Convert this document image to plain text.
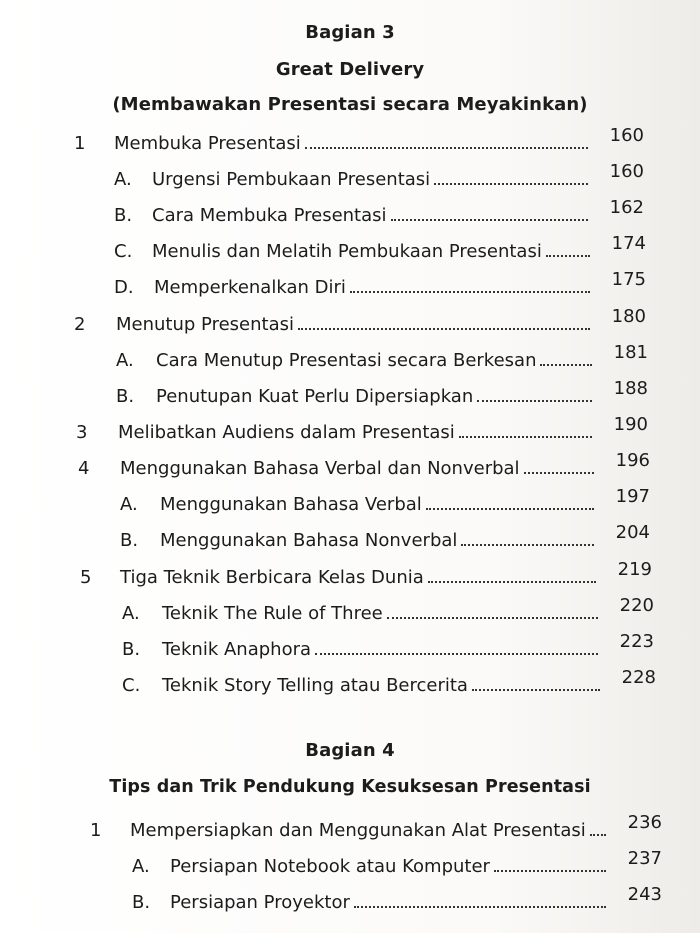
Bagian 3
Great Delivery
(Membawakan Presentasi secara Meyakinkan)
1 Membuka Presentasi	160
A. Urgensi Pembukaan Presentasi	160
B. Cara Membuka Presentasi	162
C. Menulis dan Melatih Pembukaan Presentasi	174
D. Memperkenalkan Diri	175
2 Menutup Presentasi	180
A. Cara Menutup Presentasi secara Berkesan	181
B. Penutupan Kuat Perlu Dipersiapkan	188
3 Melibatkan Audiens dalam Presentasi	190
4 Menggunakan Bahasa Verbal dan Nonverbal	196
A. Menggunakan Bahasa Verbal	197
B. Menggunakan Bahasa Nonverbal	204
5 Tiga Teknik Berbicara Kelas Dunia	219
A. Teknik The Rule of Three	220
B. Teknik Anaphora	223
C. Teknik Story Telling atau Bercerita	228
Bagian 4
Tips dan Trik Pendukung Kesuksesan Presentasi
1 Mempersiapkan dan Menggunakan Alat Presentasi	236
A. Persiapan Notebook atau Komputer	237
B. Persiapan Proyektor	243
